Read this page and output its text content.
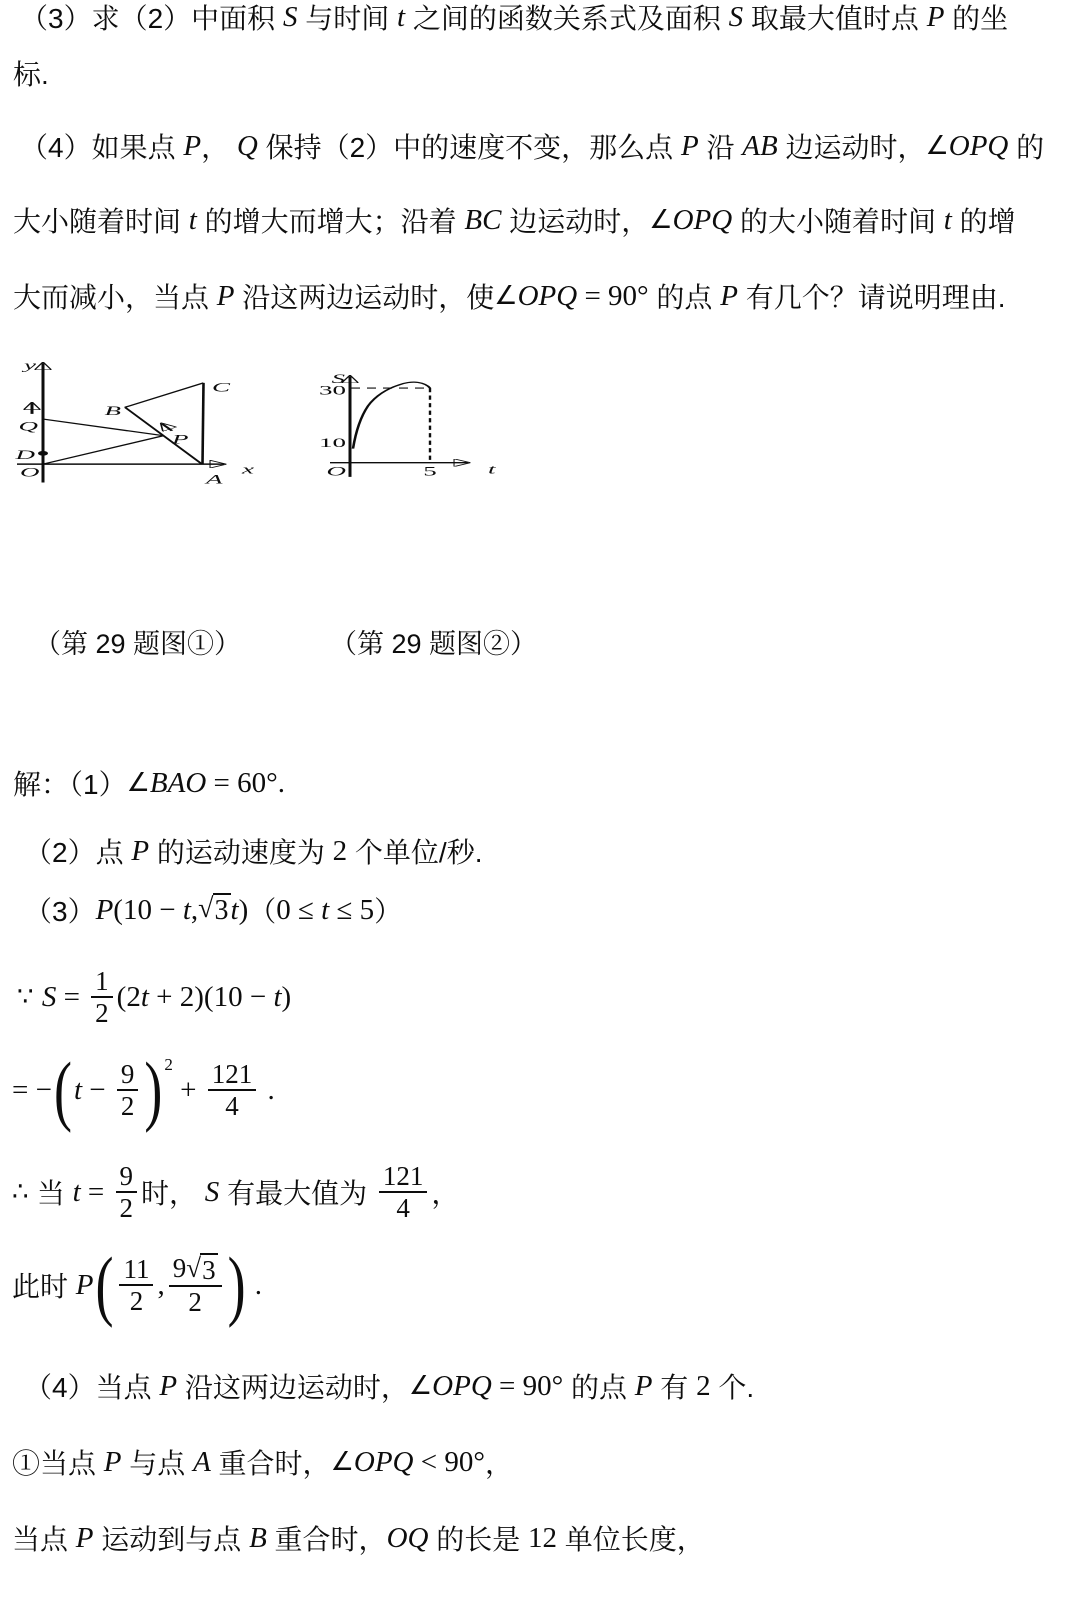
（3）求（2）中面积 S 与时间 t 之间的函数关系式及面积 S 取最大值时点 P 的坐
标.
（4）如果点 P ， Q 保持（2）中的速度不变，那么点 P 沿 AB 边运动时， ∠ OPQ 的
大小随着时间 t 的增大而增大；沿着 BC 边运动时， ∠ OPQ 的大小随着时间 t 的增
大而减小，当点 P 沿这两边运动时，使 ∠ OPQ = 90° 的点 P 有几个？请说明理由.
y
x
O
Q
D
B
C
P
A
S
t
O
30
10
5
（第 29 题图①）	（第 29 题图②）
解：（1） ∠ BAO = 60°.
（2）点 P 的运动速度为 2 个单位/秒.
（3） P (10 − t , √ 3 t ) （ 0 ≤ t ≤ 5 ）
∵ $S = \frac{1}{2} (2$ t + 2)(10 − t )
= − ( $t - \frac{9}{2}$ ) 2
+ $\frac{121}{4}$ .
∴ 当 $t = \frac{9}{2}$ 时， S 有最大值为 $\frac{121}{4}$ ，
此时 P ( $\frac{11}{2}$ , $\frac{9 √ 3}{2}$ ) .
（4）当点 P 沿这两边运动时， ∠ OPQ = 90° 的点 P 有 2 个.
①当点 P 与点 A 重合时， ∠ OPQ < 90° ，
当点 P 运动到与点 B 重合时， OQ 的长是 12 单位长度，
